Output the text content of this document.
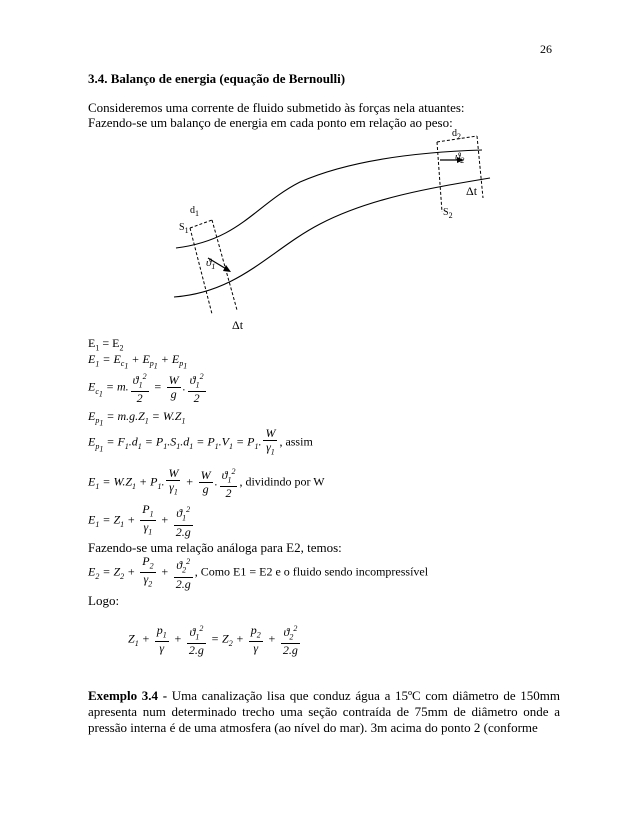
26
3.4. Balanço de energia (equação de Bernoulli)
Consideremos uma corrente de fluido submetido às forças nela atuantes:
Fazendo-se um balanço de energia em cada ponto em relação ao peso:
$d_1$
$S_1$
$ϑ_1$
Δt
$d_2$
$ϑ_2$
Δt
$S_2$
$E_1 = E_2$
$E_1 = E_{c_1} + E_{p_1} + E_{p_1}$
$E_{c_1} = m$. $\frac{ϑ_1^2}{2} = \frac{W}{g}$ . $\frac{ϑ_1^2}{2}$
$E_{p_1} = m.g.Z_1 = W.Z_1$
$E_{p_1} = F_1.d_1 = P_1.S_1.d_1 = P_1.V_1 = P_1$. $\frac{W}{\gamma_1}$ , assim
$E_1 = W.Z_1 + P_1$. $\frac{W}{\gamma_1} + \frac{W}{g}$ . $\frac{ϑ_1^2}{2}$ , dividindo por W
$E_1 = Z_1 + \frac{P_1}{\gamma_1} + \frac{ϑ_1^2}{2.g}$
Fazendo-se uma relação análoga para E2, temos:
$E_2 = Z_2 + \frac{P_2}{\gamma_2} + \frac{ϑ_2^2}{2.g}$ , Como E1 = E2 e o fluido sendo incompressível
Logo:
$Z_1 + \frac{p_1}{\gamma} + \frac{ϑ_1^2}{2.g} = Z_2 + \frac{p_2}{\gamma} + \frac{ϑ_2^2}{2.g}$
Exemplo 3.4 - Uma canalização lisa que conduz água a 15ºC com diâmetro de 150mm apresenta num determinado trecho uma seção contraída de 75mm de diâmetro onde a pressão interna é de uma atmosfera (ao nível do mar). 3m acima do ponto 2 (conforme
